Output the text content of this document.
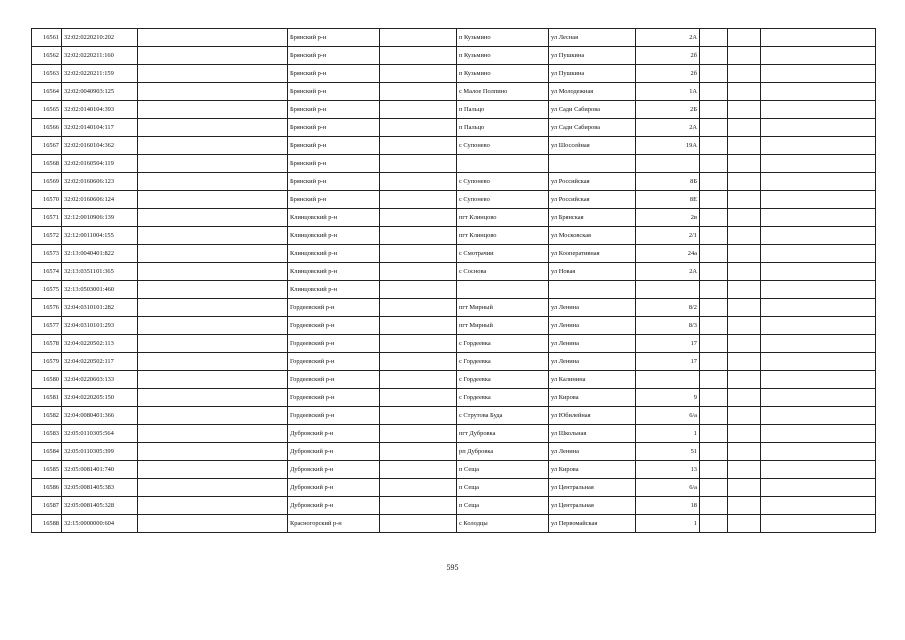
16561	32:02:0220210:202		Брянский р-н		п Кузьмино	ул Лесная	2А			
16562	32:02:0220211:160		Брянский р-н		п Кузьмино	ул Пушкина	2б			
16563	32:02:0220211:159		Брянский р-н		п Кузьмино	ул Пушкина	2б			
16564	32:02:0040903:125		Брянский р-н		с Малое Полпино	ул Молодежная	1А			
16565	32:02:0140104:393		Брянский р-н		п Пальцо	ул Сади Сабирова	2Б			
16566	32:02:0140104:117		Брянский р-н		п Пальцо	ул Сади Сабирова	2А			
16567	32:02:0160104:362		Брянский р-н		с Супонево	ул Шоссейная	19А			
16568	32:02:0160504:119		Брянский р-н							
16569	32:02:0160606:123		Брянский р-н		с Супонево	ул Российская	8Б			
16570	32:02:0160606:124		Брянский р-н		с Супонево	ул Российская	8Е			
16571	32:12:0010906:139		Клинцовский р-н		пгт Клинцово	ул Брянская	2в			
16572	32:12:0011004:155		Клинцовский р-н		пгт Клинцово	ул Московская	2/1			
16573	32:13:0040401:822		Клинцовский р-н		с Смотрачии	ул Кооперативная	24а			
16574	32:13:0351101:365		Клинцовский р-н		с Соснова	ул Новая	2А			
16575	32:13:0503001:460		Клинцовский р-н							
16576	32:04:0310101:282		Гордеевский р-н		пгт Мирный	ул Ленина	8/2			
16577	32:04:0310101:293		Гордеевский р-н		пгт Мирный	ул Ленина	8/3			
16578	32:04:0220502:113		Гордеевский р-н		с Гордеевка	ул Ленина	17			
16579	32:04:0220502:117		Гордеевский р-н		с Гордеевка	ул Ленина	17			
16580	32:04:0220603:133		Гордеевский р-н		с Гордеевка	ул Калинина				
16581	32:04:0220205:150		Гордеевский р-н		с Гордеевка	ул Кирова	9			
16582	32:04:0080401:366		Гордеевский р-н		с Струтова Буда	ул Юбилейная	6/а			
16583	32:05:0110305:564		Дубровский р-н		пгт Дубровка	ул Школьная	1			
16584	32:05:0110305:399		Дубровский р-н		рп Дубровка	ул Ленина	51			
16585	32:05:0081401:740		Дубровский р-н		п Сеща	ул Кирова	13			
16586	32:05:0081405:383		Дубровский р-н		п Сеща	ул Центральная	6/а			
16587	32:05:0081405:328		Дубровский р-н		п Сеща	ул Центральная	18			
16588	32:15:0000000:604		Красногорский р-н		с Колодцы	ул Первомайская	1			
595
